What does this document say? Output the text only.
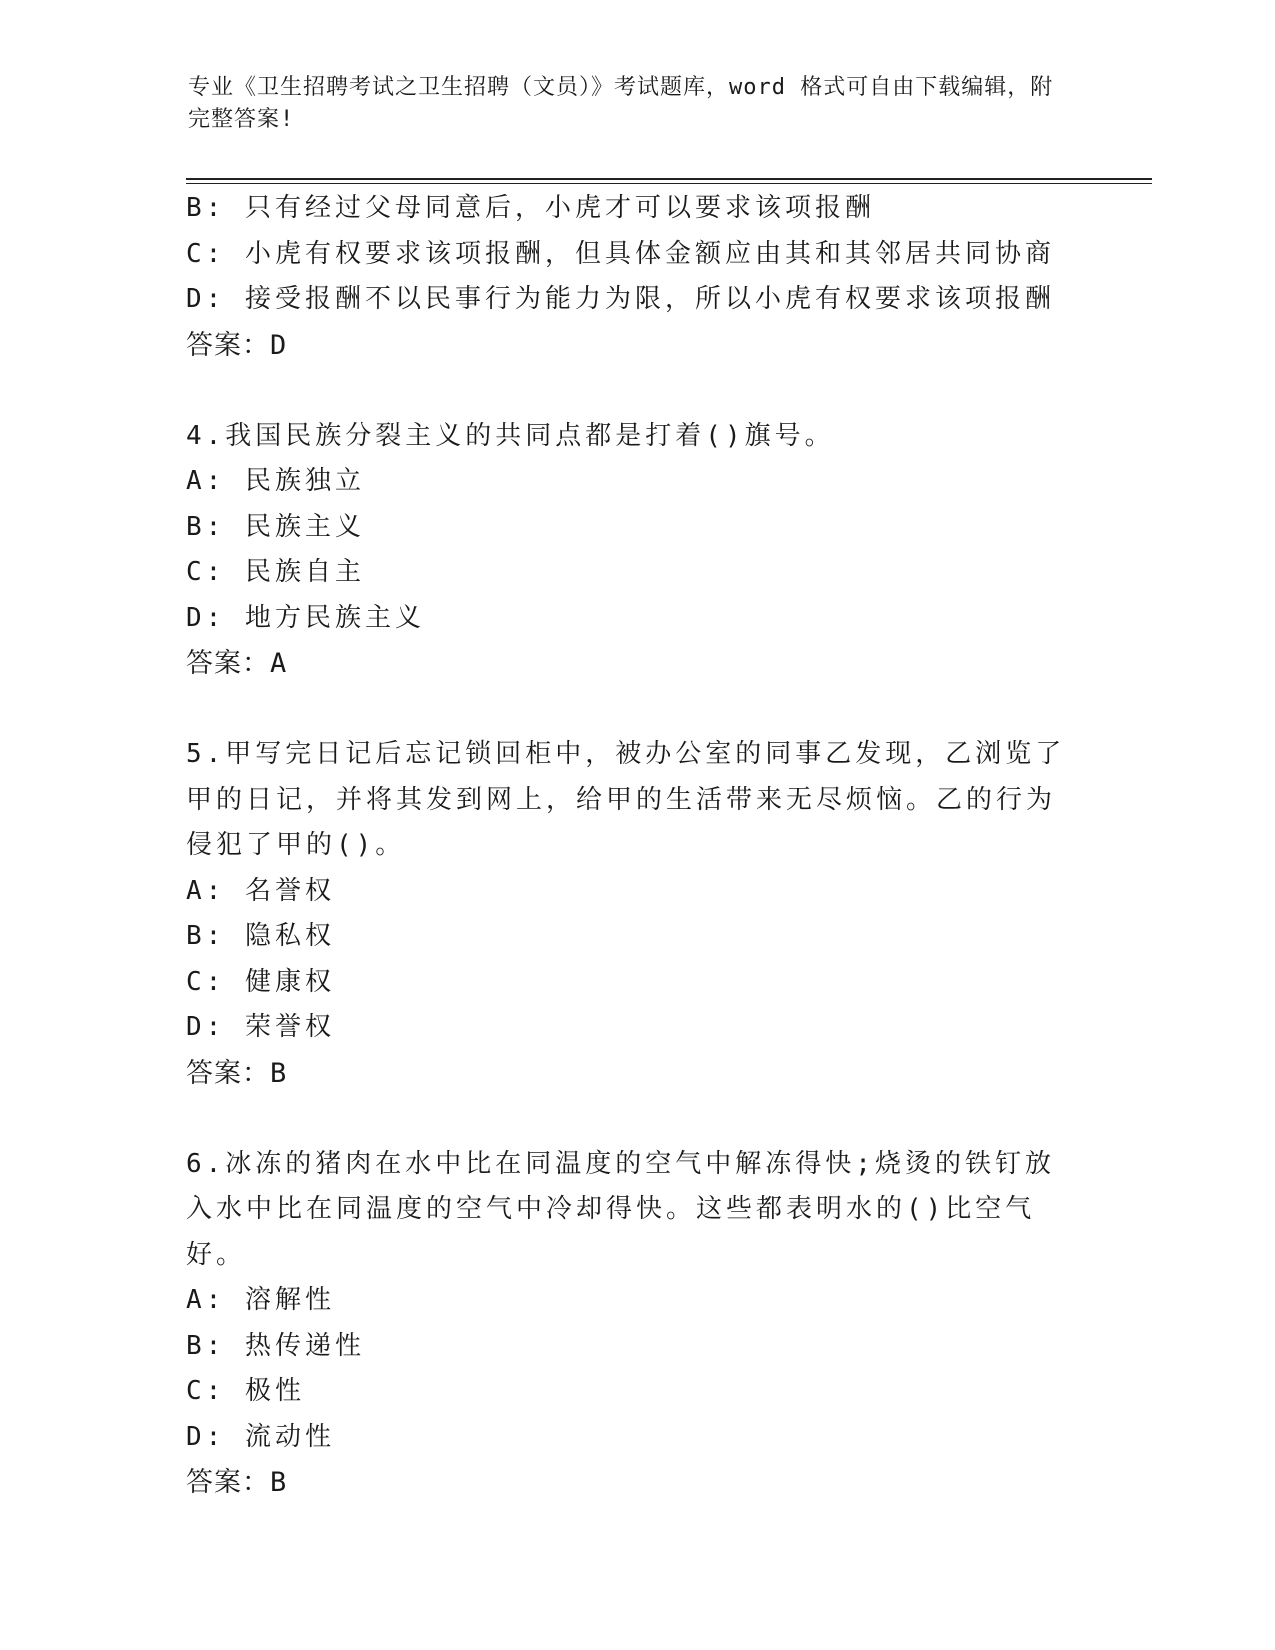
专业《卫生招聘考试之卫生招聘（文员）》考试题库，word 格式可自由下载编辑，附完整答案!
B: 只有经过父母同意后，小虎才可以要求该项报酬
C: 小虎有权要求该项报酬，但具体金额应由其和其邻居共同协商
D: 接受报酬不以民事行为能力为限，所以小虎有权要求该项报酬
答案：D
4.我国民族分裂主义的共同点都是打着()旗号。
A: 民族独立
B: 民族主义
C: 民族自主
D: 地方民族主义
答案：A
5.甲写完日记后忘记锁回柜中，被办公室的同事乙发现，乙浏览了甲的日记，并将其发到网上，给甲的生活带来无尽烦恼。乙的行为侵犯了甲的()。
A: 名誉权
B: 隐私权
C: 健康权
D: 荣誉权
答案：B
6.冰冻的猪肉在水中比在同温度的空气中解冻得快;烧烫的铁钉放入水中比在同温度的空气中冷却得快。这些都表明水的()比空气好。
A: 溶解性
B: 热传递性
C: 极性
D: 流动性
答案：B
